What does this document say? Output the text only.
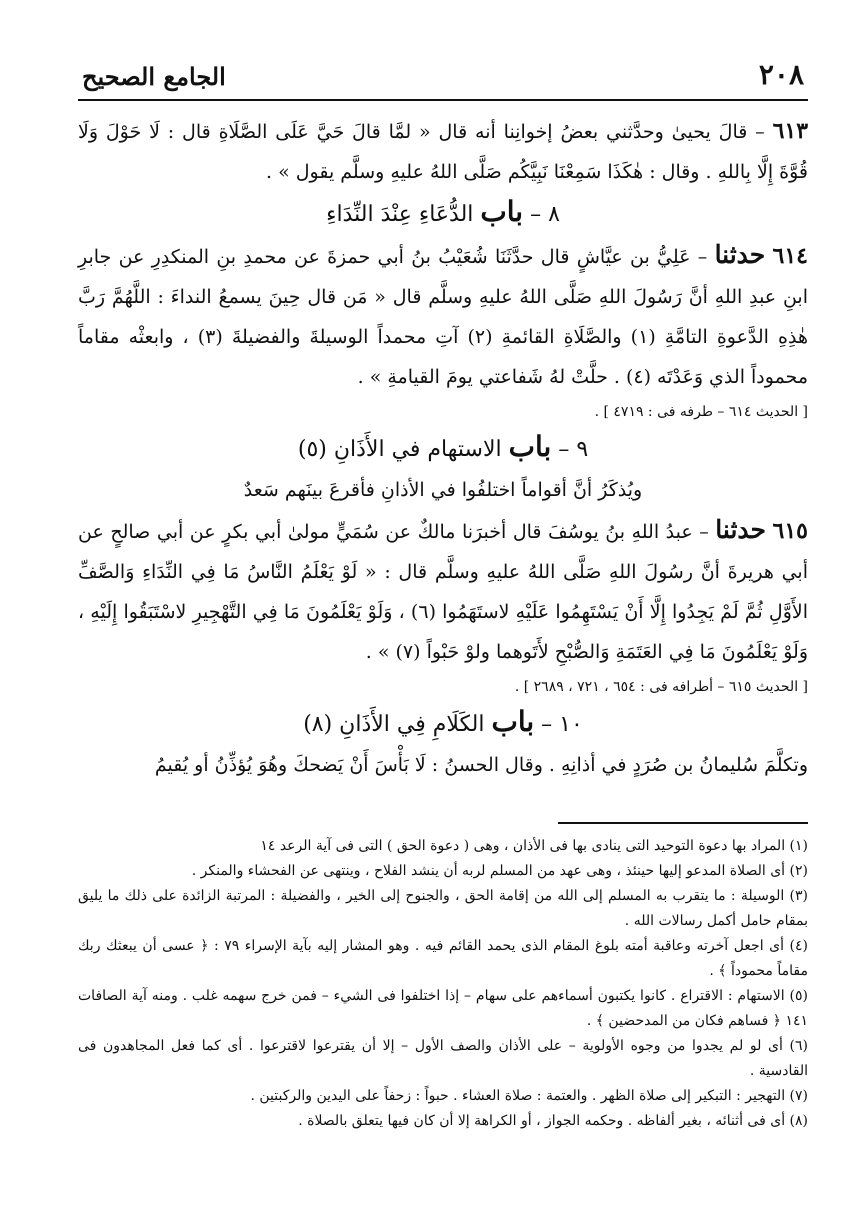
٢٠٨
الجامع الصحيح

٦١٣ – قالَ يحيىٰ وحدَّثني بعضُ إخوانِنا أنه قال « لمَّا قالَ حَيَّ عَلَى الصَّلَاةِ قال : لَا حَوْلَ وَلَا قُوَّةَ إِلَّا بِاللهِ . وقال : هٰكَذَا سَمِعْنَا نَبِيَّكُم صَلَّى اللهُ عليهِ وسلَّم يقول » .

٨ – باب الدُّعَاءِ عِنْدَ النِّدَاءِ

٦١٤ حدثنا – عَلِيُّ بن عيَّاشٍ قال حدَّثَنَا شُعَيْبُ بنُ أبي حمزةَ عن محمدِ بنِ المنكدِرِ عن جابرِ ابنِ عبدِ اللهِ أنَّ رَسُولَ اللهِ صَلَّى اللهُ عليهِ وسلَّم قال « مَن قال حِينَ يسمعُ النداءَ : اللَّهُمَّ رَبَّ هٰذِهِ الدَّعوةِ التامَّةِ (١) والصَّلَاةِ القائمةِ (٢) آتِ محمداً الوسيلةَ والفضيلةَ (٣) ، وابعثْه مقاماً محموداً الذي وَعَدْتَه (٤) . حلَّتْ لهُ شَفاعتي يومَ القيامةِ » .

[ الحديث ٦١٤ – طرفه فى : ٤٧١٩ ] .

٩ – باب الاستهام في الأَذَانِ (٥)

ويُذكَرُ أنَّ أقواماً اختلفُوا في الأذانِ فأقرعَ بينَهم سَعدٌ

٦١٥ حدثنا – عبدُ اللهِ بنُ يوسُفَ قال أخبرَنا مالكٌ عن سُمَيٍّ مولىٰ أبي بكرٍ عن أبي صالحٍ عن أبي هريرةَ أنَّ رسُولَ اللهِ صَلَّى اللهُ عليهِ وسلَّم قال : « لَوْ يَعْلَمُ النَّاسُ مَا فِي النِّدَاءِ وَالصَّفِّ الأَوَّلِ ثُمَّ لَمْ يَجِدُوا إِلَّا أَنْ يَسْتَهِمُوا عَلَيْهِ لاستَهَمُوا (٦) ، وَلَوْ يَعْلَمُونَ مَا فِي التَّهْجِيرِ لاسْتَبَقُوا إِلَيْهِ ، وَلَوْ يَعْلَمُونَ مَا فِي العَتَمَةِ وَالصُّبْحِ لأَتَوهما ولوْ حَبْواً (٧) » .

[ الحديث ٦١٥ – أطرافه فى : ٦٥٤ ، ٧٢١ ، ٢٦٨٩ ] .

١٠ – باب الكَلَامِ فِي الأَذَانِ (٨)

وتكلَّمَ سُليمانُ بن صُرَدٍ في أذانِهِ . وقال الحسنُ : لَا بَأْسَ أَنْ يَضحكَ وهُوَ يُؤذِّنُ أو يُقيمُ

(١) المراد بها دعوة التوحيد التى ينادى بها فى الأذان ، وهى ( دعوة الحق ) التى فى آية الرعد ١٤

(٢) أى الصلاة المدعو إليها حينئذ ، وهى عهد من المسلم لربه أن ينشد الفلاح ، وينتهى عن الفحشاء والمنكر .

(٣) الوسيلة : ما يتقرب به المسلم إلى الله من إقامة الحق ، والجنوح إلى الخير ، والفضيلة : المرتبة الزائدة على ذلك ما يليق بمقام حامل أكمل رسالات الله .

(٤) أى اجعل آخرته وعاقبة أمته بلوغ المقام الذى يحمد القائم فيه . وهو المشار إليه بآية الإسراء ٧٩ : ﴿ عسى أن يبعثك ربك مقاماً محموداً ﴾ .

(٥) الاستهام : الاقتراع . كانوا يكتبون أسماءهم على سهام – إذا اختلفوا فى الشيء – فمن خرج سهمه غلب . ومنه آية الصافات ١٤١ ﴿ فساهم فكان من المدحضين ﴾ .

(٦) أى لو لم يجدوا من وجوه الأولوية – على الأذان والصف الأول – إلا أن يقترعوا لاقترعوا . أى كما فعل المجاهدون فى القادسية .

(٧) التهجير : التبكير إلى صلاة الظهر . والعتمة : صلاة العشاء . حبواً : زحفاً على اليدين والركبتين .

(٨) أى فى أثنائه ، بغير ألفاظه . وحكمه الجواز ، أو الكراهة إلا أن كان فيها يتعلق بالصلاة .
